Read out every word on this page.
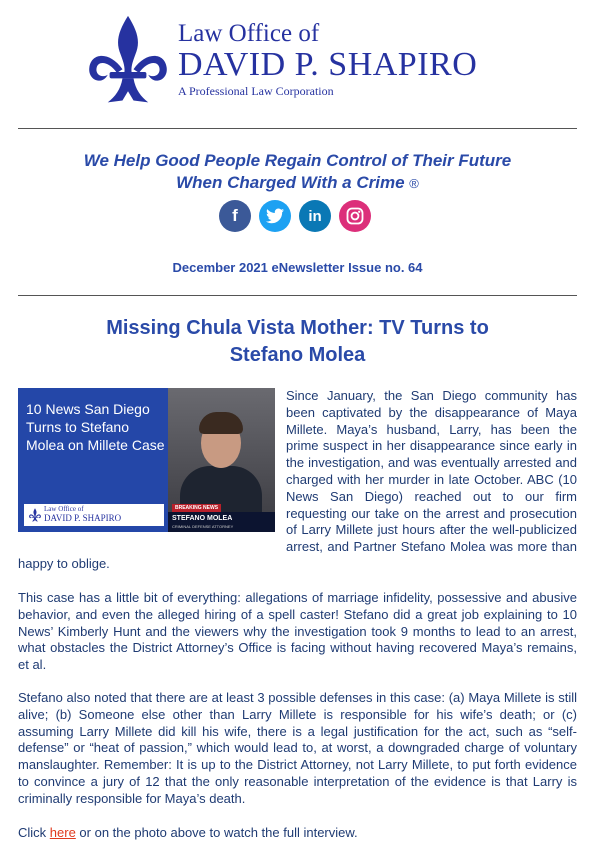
Law Office of
DAVID P. SHAPIRO
A Professional Law Corporation
We Help Good People Regain Control of Their Future
When Charged With a Crime ®
f	in
December 2021 eNewsletter Issue no. 64
Missing Chula Vista Mother: TV Turns to
Stefano Molea
10 News San Diego Turns to Stefano Molea on Millete Case
Law Office of
DAVID P. SHAPIRO
BREAKING NEWS
STEFANO MOLEA
CRIMINAL DEFENSE ATTORNEY

Since January, the San Diego community has been captivated by the disappearance of Maya Millete. Maya’s husband, Larry, has been the prime suspect in her disappearance since early in the investigation, and was eventually arrested and charged with her murder in late October. ABC (10 News San Diego) reached out to our firm requesting our take on the arrest and prosecution of Larry Millete just hours after the well-publicized arrest, and Partner Stefano Molea was more than happy to oblige.

This case has a little bit of everything: allegations of marriage infidelity, possessive and abusive behavior, and even the alleged hiring of a spell caster! Stefano did a great job explaining to 10 News’ Kimberly Hunt and the viewers why the investigation took 9 months to lead to an arrest, what obstacles the District Attorney’s Office is facing without having recovered Maya’s remains, et al.

Stefano also noted that there are at least 3 possible defenses in this case: (a) Maya Millete is still alive; (b) Someone else other than Larry Millete is responsible for his wife’s death; or (c) assuming Larry Millete did kill his wife, there is a legal justification for the act, such as “self-defense” or “heat of passion,” which would lead to, at worst, a downgraded charge of voluntary manslaughter. Remember: It is up to the District Attorney, not Larry Millete, to put forth evidence to convince a jury of 12 that the only reasonable interpretation of the evidence is that Larry is criminally responsible for Maya’s death.

Click here or on the photo above to watch the full interview.
